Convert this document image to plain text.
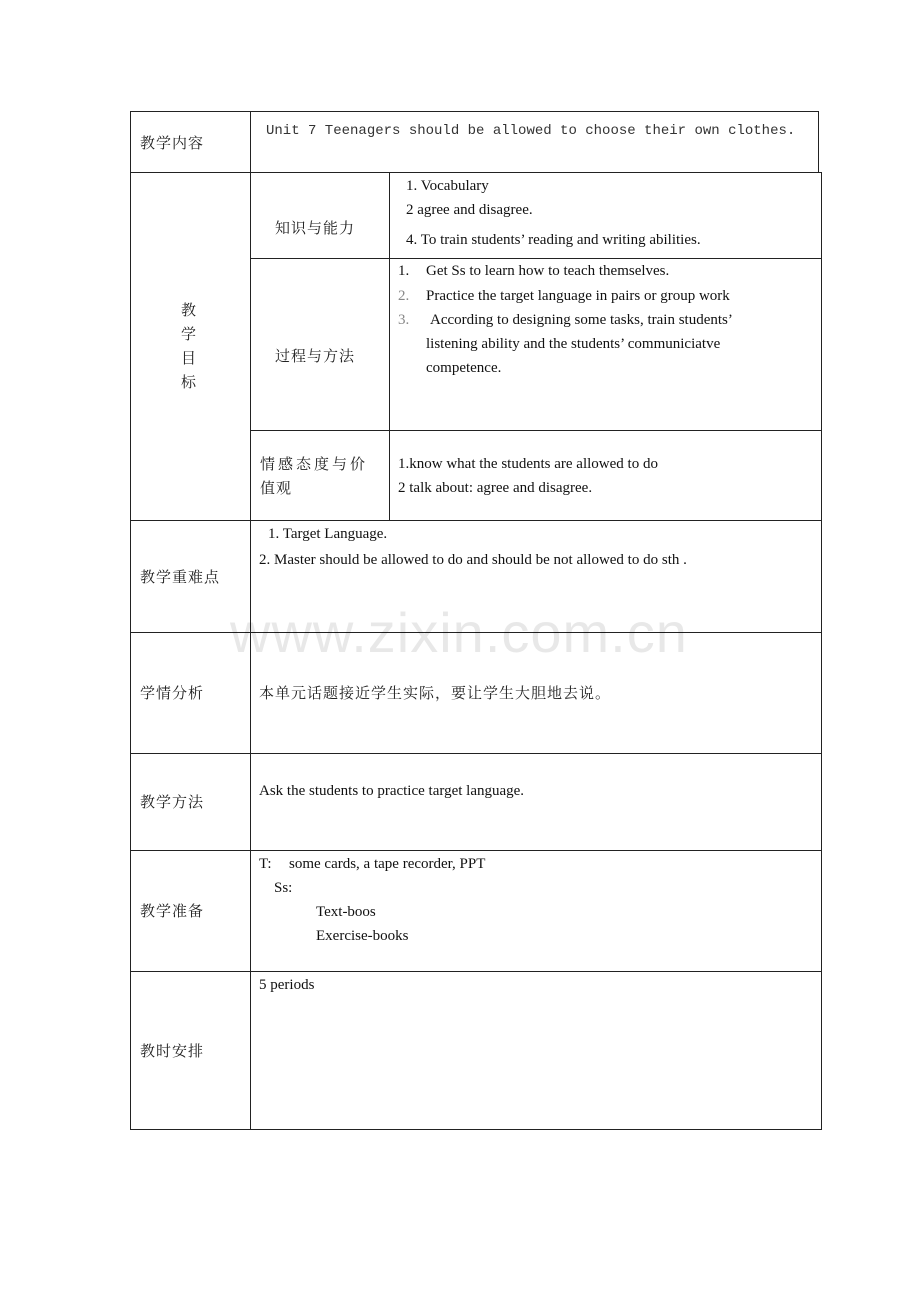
教学内容
Unit 7 Teenagers should be allowed to choose their own clothes.
教
学
目
标
知识与能力
1. Vocabulary
2 agree and disagree.
4. To train students’ reading and writing abilities.
过程与方法
1. Get Ss to learn how to teach themselves.
2. Practice the target language in pairs or group work
3. According to designing some tasks, train students’
listening ability and the students’ communiciatve
competence.
情感态度与价
值观
1.know what the students are allowed to do
2 talk about: agree and disagree.
教学重难点
1. Target Language.
2. Master should be allowed to do and should be not allowed to do sth .
www.zixin.com.cn
学情分析	本单元话题接近学生实际，要让学生大胆地去说。
教学方法
Ask the students to practice target language.
教学准备
T: some cards, a tape recorder, PPT
Ss:
Text-boos
Exercise-books
教时安排
5 periods
